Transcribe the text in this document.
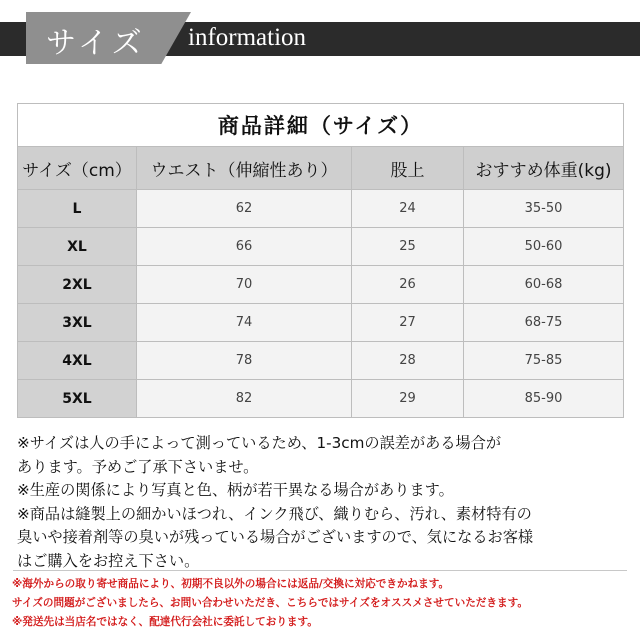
サイズ information
商品詳細（サイズ）			
サイズ（cm）	ウエスト（伸縮性あり）	股上	おすすめ体重(kg)
L	62	24	35-50
XL	66	25	50-60
2XL	70	26	60-68
3XL	74	27	68-75
4XL	78	28	75-85
5XL	82	29	85-90

※サイズは人の手によって測っているため、1-3cmの誤差がある場合が

あります。予めご了承下さいませ。

※生産の関係により写真と色、柄が若干異なる場合があります。

※商品は縫製上の細かいほつれ、インク飛び、織りむら、汚れ、素材特有の

臭いや接着剤等の臭いが残っている場合がございますので、気になるお客様

はご購入をお控え下さい。

※海外からの取り寄せ商品により、初期不良以外の場合には返品/交換に対応できかねます。

サイズの問題がございましたら、お問い合わせいただき、こちらではサイズをオススメさせていただきます。

※発送先は当店名ではなく、配達代行会社に委託しております。
